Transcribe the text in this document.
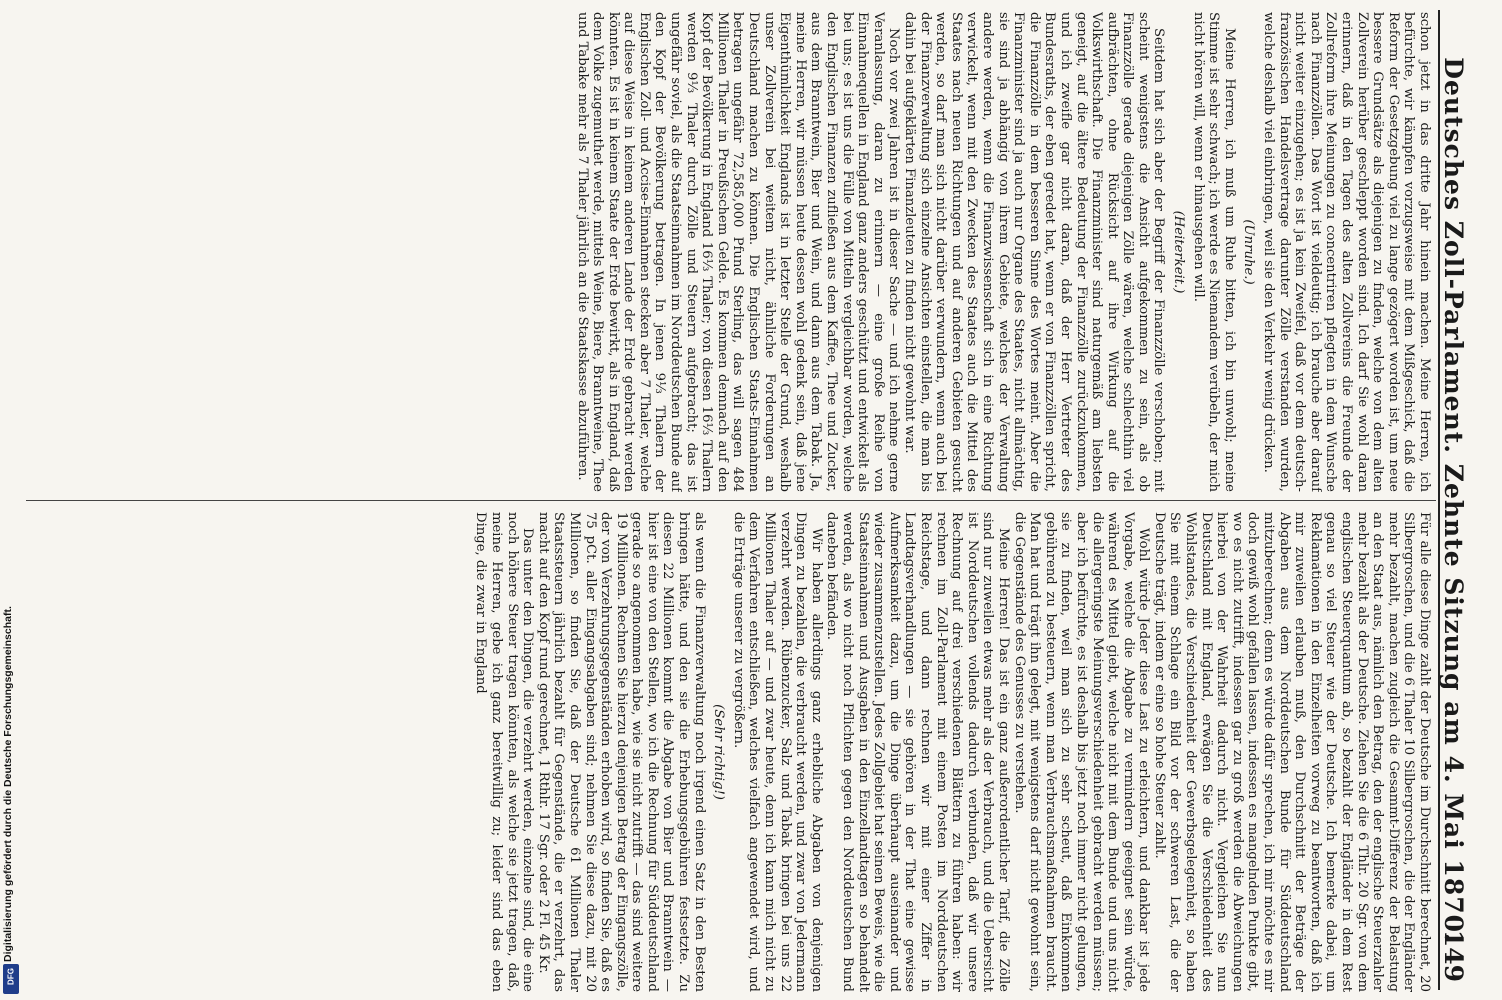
Deutsches Zoll-Parlament. Zehnte Sitzung am 4. Mai 1870.
149

schon jetzt in das dritte Jahr hinein machen. Meine Herren, ich befürchte, wir kämpfen vorzugsweise mit dem Mißgeschick, daß die Reform der Gesetzgebung viel zu lange gezögert worden ist, um neue bessere Grundsätze als diejenigen zu finden, welche von dem alten Zollverein herüber geschleppt worden sind. Ich darf Sie wohl daran erinnern, daß in den Tagen des alten Zollvereins die Freunde der Zollreform ihre Meinungen zu concentriren pflegten in dem Wunsche nach Finanzzöllen. Das Wort ist vieldeutig; ich brauche aber darauf nicht weiter einzugehen; es ist ja kein Zweifel, daß vor dem deutsch-französischen Handelsvertrage darunter Zölle verstanden wurden, welche deshalb viel einbringen, weil sie den Verkehr wenig drücken.

(Unruhe.)

Meine Herren, ich muß um Ruhe bitten, ich bin unwohl; meine Stimme ist sehr schwach; ich werde es Niemandem verübeln, der mich nicht hören will, wenn er hinausgehen will.

(Heiterkeit.)

Seitdem hat sich aber der Begriff der Finanzzölle verschoben; mit scheint wenigstens die Ansicht aufgekommen zu sein, als ob Finanzzölle gerade diejenigen Zölle wären, welche schlechthin viel aufbrächten, ohne Rücksicht auf ihre Wirkung auf die Volkswirthschaft. Die Finanzminister sind naturgemäß am liebsten geneigt, auf die ältere Bedeutung der Finanzzölle zurückzukommen, und ich zweifle gar nicht daran, daß der Herr Vertreter des Bundesraths, der eben geredet hat, wenn er von Finanzzöllen spricht, die Finanzzölle in dem besseren Sinne des Wortes meint. Aber die Finanzminister sind ja auch nur Organe des Staates, nicht allmächtig, sie sind ja abhängig von ihrem Gebiete, welches der Verwaltung andere werden, wenn die Finanzwissenschaft sich in eine Richtung verwickelt, wenn mit den Zwecken des Staates auch die Mittel des Staates nach neuen Richtungen und auf anderen Gebieten gesucht werden, so darf man sich nicht darüber verwundern, wenn auch bei der Finanzverwaltung sich einzelne Ansichten einstellen, die man bis dahin bei aufgeklärten Finanzleuten zu finden nicht gewohnt war.

Noch vor zwei Jahren ist in dieser Sache — und ich nehme gerne Veranlassung, daran zu erinnern — eine große Reihe von Einnahmequellen in England ganz anders geschützt und entwickelt als bei uns; es ist uns die Fülle von Mitteln vergleichbar worden, welche den Englischen Finanzen zufließen aus dem Kaffee, Thee und Zucker, aus dem Branntwein, Bier und Wein, und dann aus dem Tabak. Ja, meine Herren, wir müssen heute dessen wohl gedenk sein, daß jene Eigenthümlichkeit Englands ist in letzter Stelle der Grund, weshalb unser Zollverein bei weitem nicht, ähnliche Forderungen an Deutschland machen zu können. Die Englischen Staats-Einnahmen betragen ungefähr 72,585,000 Pfund Sterling, das will sagen 484 Millionen Thaler in Preußischem Gelde. Es kommen demnach auf den Kopf der Bevölkerung in England 16⅓ Thaler; von diesen 16⅓ Thalern werden 9⅓ Thaler durch Zölle und Steuern aufgebracht; das ist ungefähr soviel, als die Staatseinnahmen im Norddeutschen Bunde auf den Kopf der Bevölkerung betragen. In jenen 9⅓ Thalern der Englischen Zoll- und Accise-Einnahmen stecken aber 7 Thaler, welche auf diese Weise in keinem anderen Lande der Erde gebracht werden könnten. Es ist in keinem Staate der Erde bewirkt, als in England, daß dem Volke zugemuthet werde, mittels Weine, Biere, Branntweine, Thee und Tabake mehr als 7 Thaler jährlich an die Staatskasse abzuführen.

Für alle diese Dinge zahlt der Deutsche im Durchschnitt berechnet, 20 Silbergroschen, und die 6 Thaler 10 Silbergroschen, die der Engländer mehr bezahlt, machen zugleich die Gesammt-Differenz der Belastung an den Staat aus, nämlich den Betrag, den der englische Steuerzahler mehr bezahlt als der Deutsche. Ziehen Sie die 6 Thlr. 20 Sgr. von dem englischen Steuerquantum ab, so bezahlt der Engländer in dem Rest genau so viel Steuer wie der Deutsche. Ich bemerke dabei, um Reklamationen in den Einzelheiten vorweg zu beantworten, daß ich mir zuweilen erlauben muß, den Durchschnitt der Beträge der Abgaben aus dem Norddeutschen Bunde für Süddeutschland mitzuberechnen; denn es würde dafür sprechen, ich mir möchte es mir doch gewiß wohl gefallen lassen, indessen es mangelnden Punkte gibt, wo es nicht zutrifft, indessen gar zu groß werden die Abweichungen hierbei von der Wahrheit dadurch nicht. Vergleichen Sie nun Deutschland mit England, erwägen Sie die Verschiedenheit des Wohlstandes, die Verschiedenheit der Gewerbsgelegenheit, so haben Sie mit einem Schlage ein Bild vor der schweren Last, die der Deutsche trägt, indem er eine so hohe Steuer zahlt.

Wohl würde Jeder diese Last zu erleichtern, und dankbar ist jede Vorgabe, welche die Abgabe zu vermindern geeignet sein würde, während es Mittel giebt, welche nicht mit dem Bunde und uns nicht die allergeringste Meinungsverschiedenheit gebracht werden müssen; aber ich befürchte, es ist deshalb bis jetzt noch immer nicht gelungen, sie zu finden, weil man sich zu sehr scheut, daß Einkommen gebührend zu besteuern, wenn man Verbrauchsmaßnahmen braucht. Man hat und trägt ihn gelegt, mit wenigstens darf nicht gewohnt sein, die Gegenstände des Genusses zu verstehen.

Meine Herren! Das ist ein ganz außerordentlicher Tarif, die Zölle sind nur zuweilen etwas mehr als der Verbrauch, und die Uebersicht ist Norddeutschen vollends dadurch verbunden, daß wir unsere Rechnung auf drei verschiedenen Blättern zu führen haben: wir rechnen im Zoll-Parlament mit einem Posten im Norddeutschen Reichstage, und dann rechnen wir mit einer Ziffer in Landtagsverhandlungen — sie gehören in der That eine gewisse Aufmerksamkeit dazu, um die Dinge überhaupt auseinander und wieder zusammenzustellen. Jedes Zollgebiet hat seinen Beweis, wie die Staatseinnahmen und Ausgaben in den Einzellandtagen so behandelt werden, als wo nicht noch Pflichten gegen den Norddeutschen Bund daneben befänden.

Wir haben allerdings ganz erhebliche Abgaben von denjenigen Dingen zu bezahlen, die verbraucht werden, und zwar von Jedermann verzehrt werden. Rübenzucker, Salz und Tabak bringen bei uns 22 Millionen Thaler auf — und zwar heute, denn ich kann mich nicht zu dem Verfahren entschließen, welches vielfach angewendet wird, und die Erträge unserer zu vergrößern.

(Sehr richtig!)

als wenn die Finanzverwaltung noch irgend einen Satz in den Besten bringen hätte, und den sie die Erhebungsgebühren festsetzte. Zu diesen 22 Millionen kommt die Abgabe von Bier und Branntwein — hier ist eine von den Stellen, wo ich die Rechnung für Süddeutschland gerade so angenommen habe, wie sie nicht zutrifft — das sind weitere 19 Millionen. Rechnen Sie hierzu denjenigen Betrag der Eingangszölle, der von Verzehrungsgegenständen erhoben wird, so finden Sie, daß es 75 pCt. aller Eingangsabgaben sind; nehmen Sie diese dazu, mit 20 Millionen, so finden Sie, daß der Deutsche 61 Millionen Thaler Staatssteuern jährlich bezahlt für Gegenstände, die er verzehrt, das macht auf den Kopf rund gerechnet, 1 Rthlr. 17 Sgr. oder 2 Fl. 45 Kr.

Das unter den Dingen, die verzehrt werden, einzelne sind, die eine noch höhere Steuer tragen könnten, als welche sie jetzt tragen, daß, meine Herren, gebe ich ganz bereitwillig zu; leider sind das eben Dinge, die zwar in England

Digitalisierung gefördert durch die Deutsche Forschungsgemeinschaft.
DFG
